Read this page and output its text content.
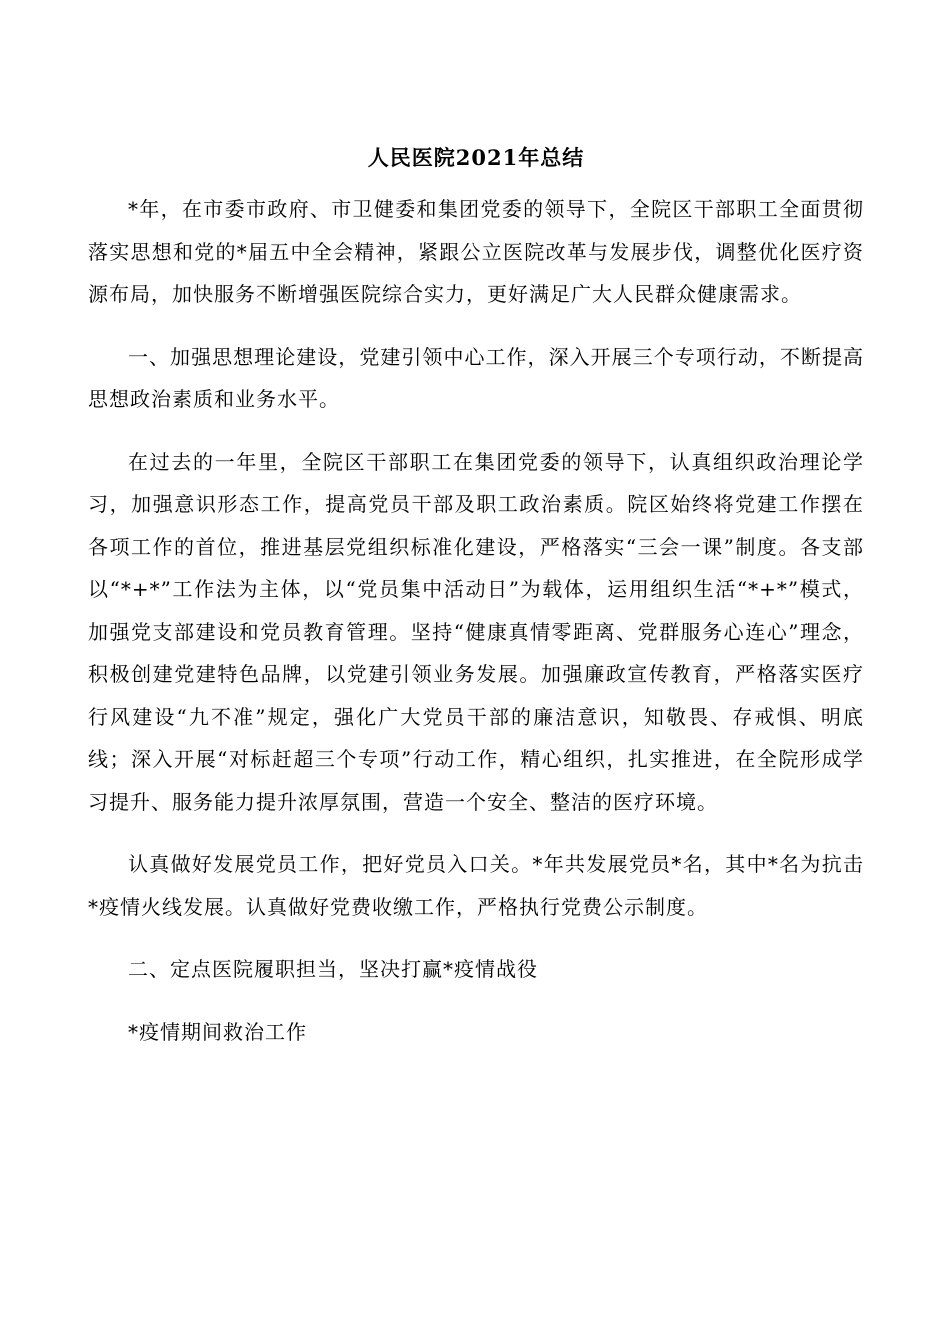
人民医院2021年总结

*年，在市委市政府、市卫健委和集团党委的领导下，全院区干部职工全面贯彻落实思想和党的*届五中全会精神，紧跟公立医院改革与发展步伐，调整优化医疗资源布局，加快服务不断增强医院综合实力，更好满足广大人民群众健康需求。

一、加强思想理论建设，党建引领中心工作，深入开展三个专项行动，不断提高思想政治素质和业务水平。

在过去的一年里，全院区干部职工在集团党委的领导下，认真组织政治理论学习，加强意识形态工作，提高党员干部及职工政治素质。院区始终将党建工作摆在各项工作的首位，推进基层党组织标准化建设，严格落实“三会一课”制度。各支部以“*+*”工作法为主体，以“党员集中活动日”为载体，运用组织生活“*+*”模式，加强党支部建设和党员教育管理。坚持“健康真情零距离、党群服务心连心”理念，积极创建党建特色品牌，以党建引领业务发展。加强廉政宣传教育，严格落实医疗行风建设“九不准”规定，强化广大党员干部的廉洁意识，知敬畏、存戒惧、明底线；深入开展“对标赶超三个专项”行动工作，精心组织，扎实推进，在全院形成学习提升、服务能力提升浓厚氛围，营造一个安全、整洁的医疗环境。

认真做好发展党员工作，把好党员入口关。*年共发展党员*名，其中*名为抗击*疫情火线发展。认真做好党费收缴工作，严格执行党费公示制度。

二、定点医院履职担当，坚决打赢*疫情战役

*疫情期间救治工作
